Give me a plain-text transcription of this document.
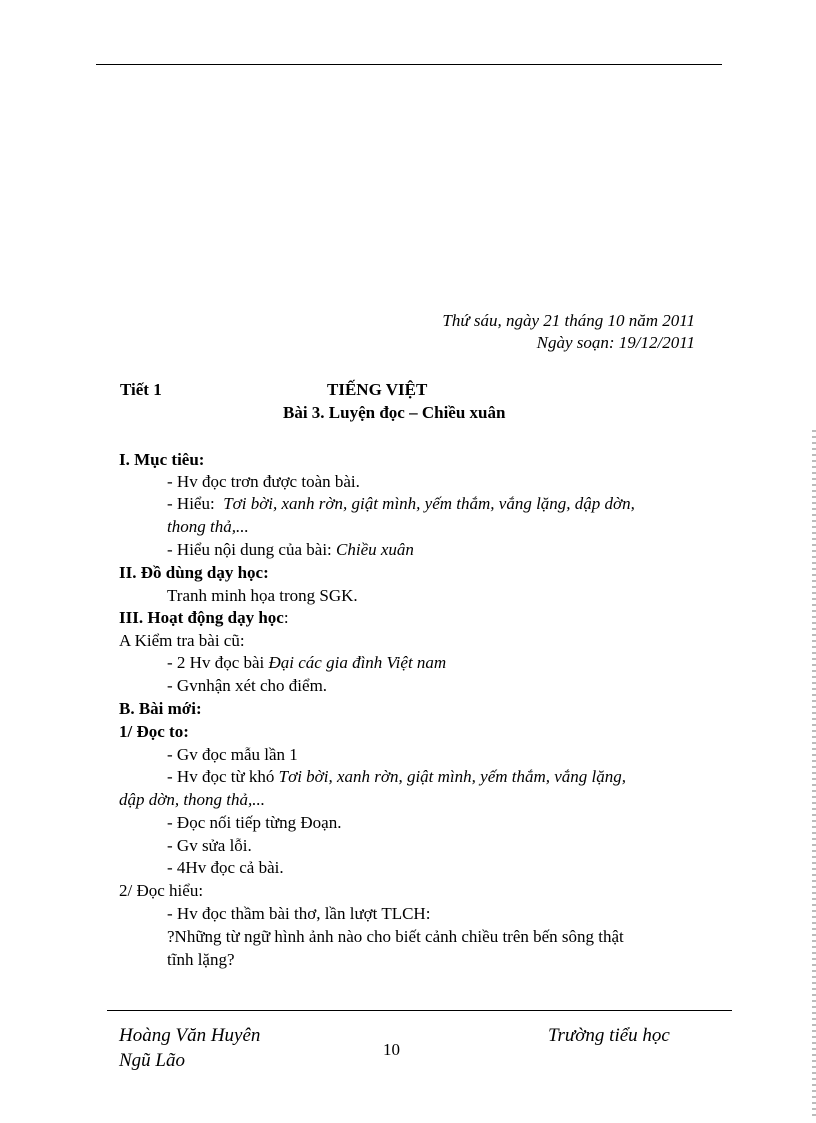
Thứ sáu, ngày 21 tháng 10 năm 2011
Ngày soạn: 19/12/2011
Tiết 1	TIẾNG VIỆT
Bài 3. Luyện đọc – Chiều xuân
I. Mục tiêu:
- Hv đọc trơn được toàn bài.
- Hiểu: Tơi bời, xanh rờn, giật mình, yếm thắm, vắng lặng, dập dờn,
thong thả,...
- Hiểu nội dung của bài: Chiều xuân
II. Đồ dùng dạy học:
Tranh minh họa trong SGK.
III. Hoạt động dạy học:
A Kiểm tra bài cũ:
- 2 Hv đọc bài Đại các gia đình Việt nam
- Gvnhận xét cho điểm.
B. Bài mới:
1/ Đọc to:
- Gv đọc mẫu lần 1
- Hv đọc từ khó Tơi bời, xanh rờn, giật mình, yếm thắm, vắng lặng,
dập dờn, thong thả,...
- Đọc nối tiếp từng Đoạn.
- Gv sửa lỗi.
- 4Hv đọc cả bài.
2/ Đọc hiểu:
- Hv đọc thầm bài thơ, lần lượt TLCH:
?Những từ ngữ hình ảnh nào cho biết cảnh chiều trên bến sông thật
tĩnh lặng?
Hoàng Văn Huyên
Ngũ Lão
10
Trường tiểu học
